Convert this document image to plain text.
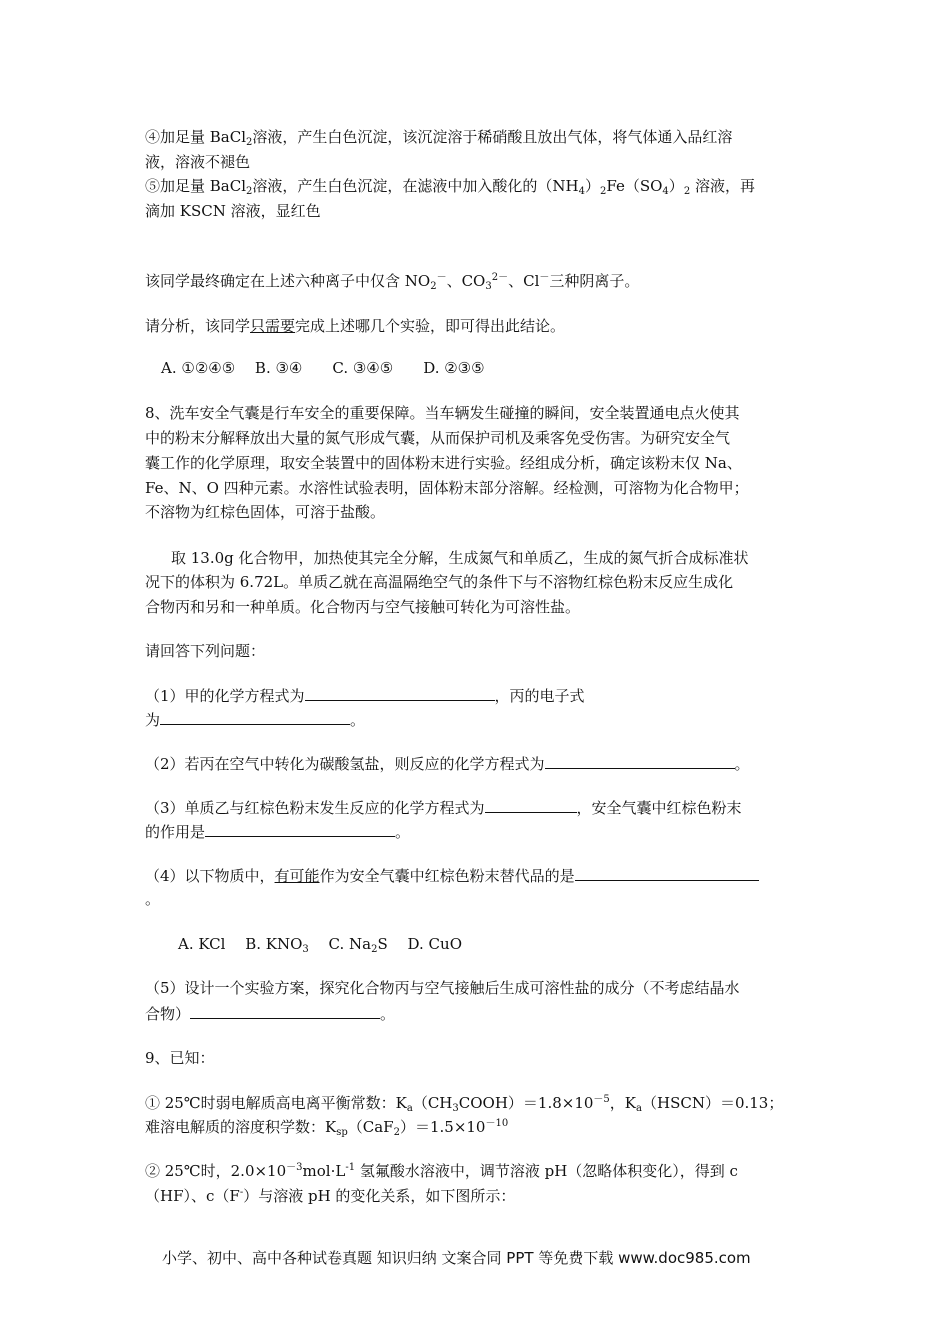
④加足量 BaCl$_2$溶液，产生白色沉淀，该沉淀溶于稀硝酸且放出气体，将气体通入品红溶
液，溶液不褪色
⑤加足量 BaCl$_2$溶液，产生白色沉淀，在滤液中加入酸化的$(NH_4)_2Fe(SO_4)_2$ 溶液，再
滴加 KSCN 溶液，显红色
该同学最终确定在上述六种离子中仅含 $NO_2^-$、$CO_3^{2-}$、Cl－三种阴离子。
请分析，该同学只需要完成上述哪几个实验，即可得出此结论。
A. ①②④⑤　 B. ③④　　C. ③④⑤　　D. ②③⑤
8、洗车安全气囊是行车安全的重要保障。当车辆发生碰撞的瞬间，安全装置通电点火使其
中的粉末分解释放出大量的氮气形成气囊，从而保护司机及乘客免受伤害。为研究安全气
囊工作的化学原理，取安全装置中的固体粉末进行实验。经组成分析，确定该粉末仅 Na、
Fe、N、O 四种元素。水溶性试验表明，固体粉末部分溶解。经检测，可溶物为化合物甲；
不溶物为红棕色固体，可溶于盐酸。
取 13.0g 化合物甲，加热使其完全分解，生成氮气和单质乙，生成的氮气折合成标准状
况下的体积为 6.72L。单质乙就在高温隔绝空气的条件下与不溶物红棕色粉末反应生成化
合物丙和另和一种单质。化合物丙与空气接触可转化为可溶性盐。
请回答下列问题：
（1）甲的化学方程式为	，丙的电子式
为	。
（2）若丙在空气中转化为碳酸氢盐，则反应的化学方程式为	。
（3）单质乙与红棕色粉末发生反应的化学方程式为	，安全气囊中红棕色粉末
的作用是	。
（4）以下物质中，有可能作为安全气囊中红棕色粉末替代品的是
。
A. KCl　 B. $KNO_3$　 C. $Na_2S$　 D. CuO
（5）设计一个实验方案，探究化合物丙与空气接触后生成可溶性盐的成分（不考虑结晶水
合物）	。
9、已知：
① 25℃时弱电解质高电离平衡常数：$K_a(CH_3COOH)=1.8\times 10^{-5}$，$K_a(HSCN)=0.13$；
难溶电解质的溶度积学数：$K_{sp}(CaF_2)=1.5\times 10^{-10}$
② 25℃时，$2.0\times 10^{-3}mol\cdot L^{-1}$ 氢氟酸水溶液中，调节溶液 pH（忽略体积变化），得到 c
（HF）、c（F-）与溶液 pH 的变化关系，如下图所示：
小学、初中、高中各种试卷真题 知识归纳 文案合同 PPT 等免费下载 www.doc985.com
